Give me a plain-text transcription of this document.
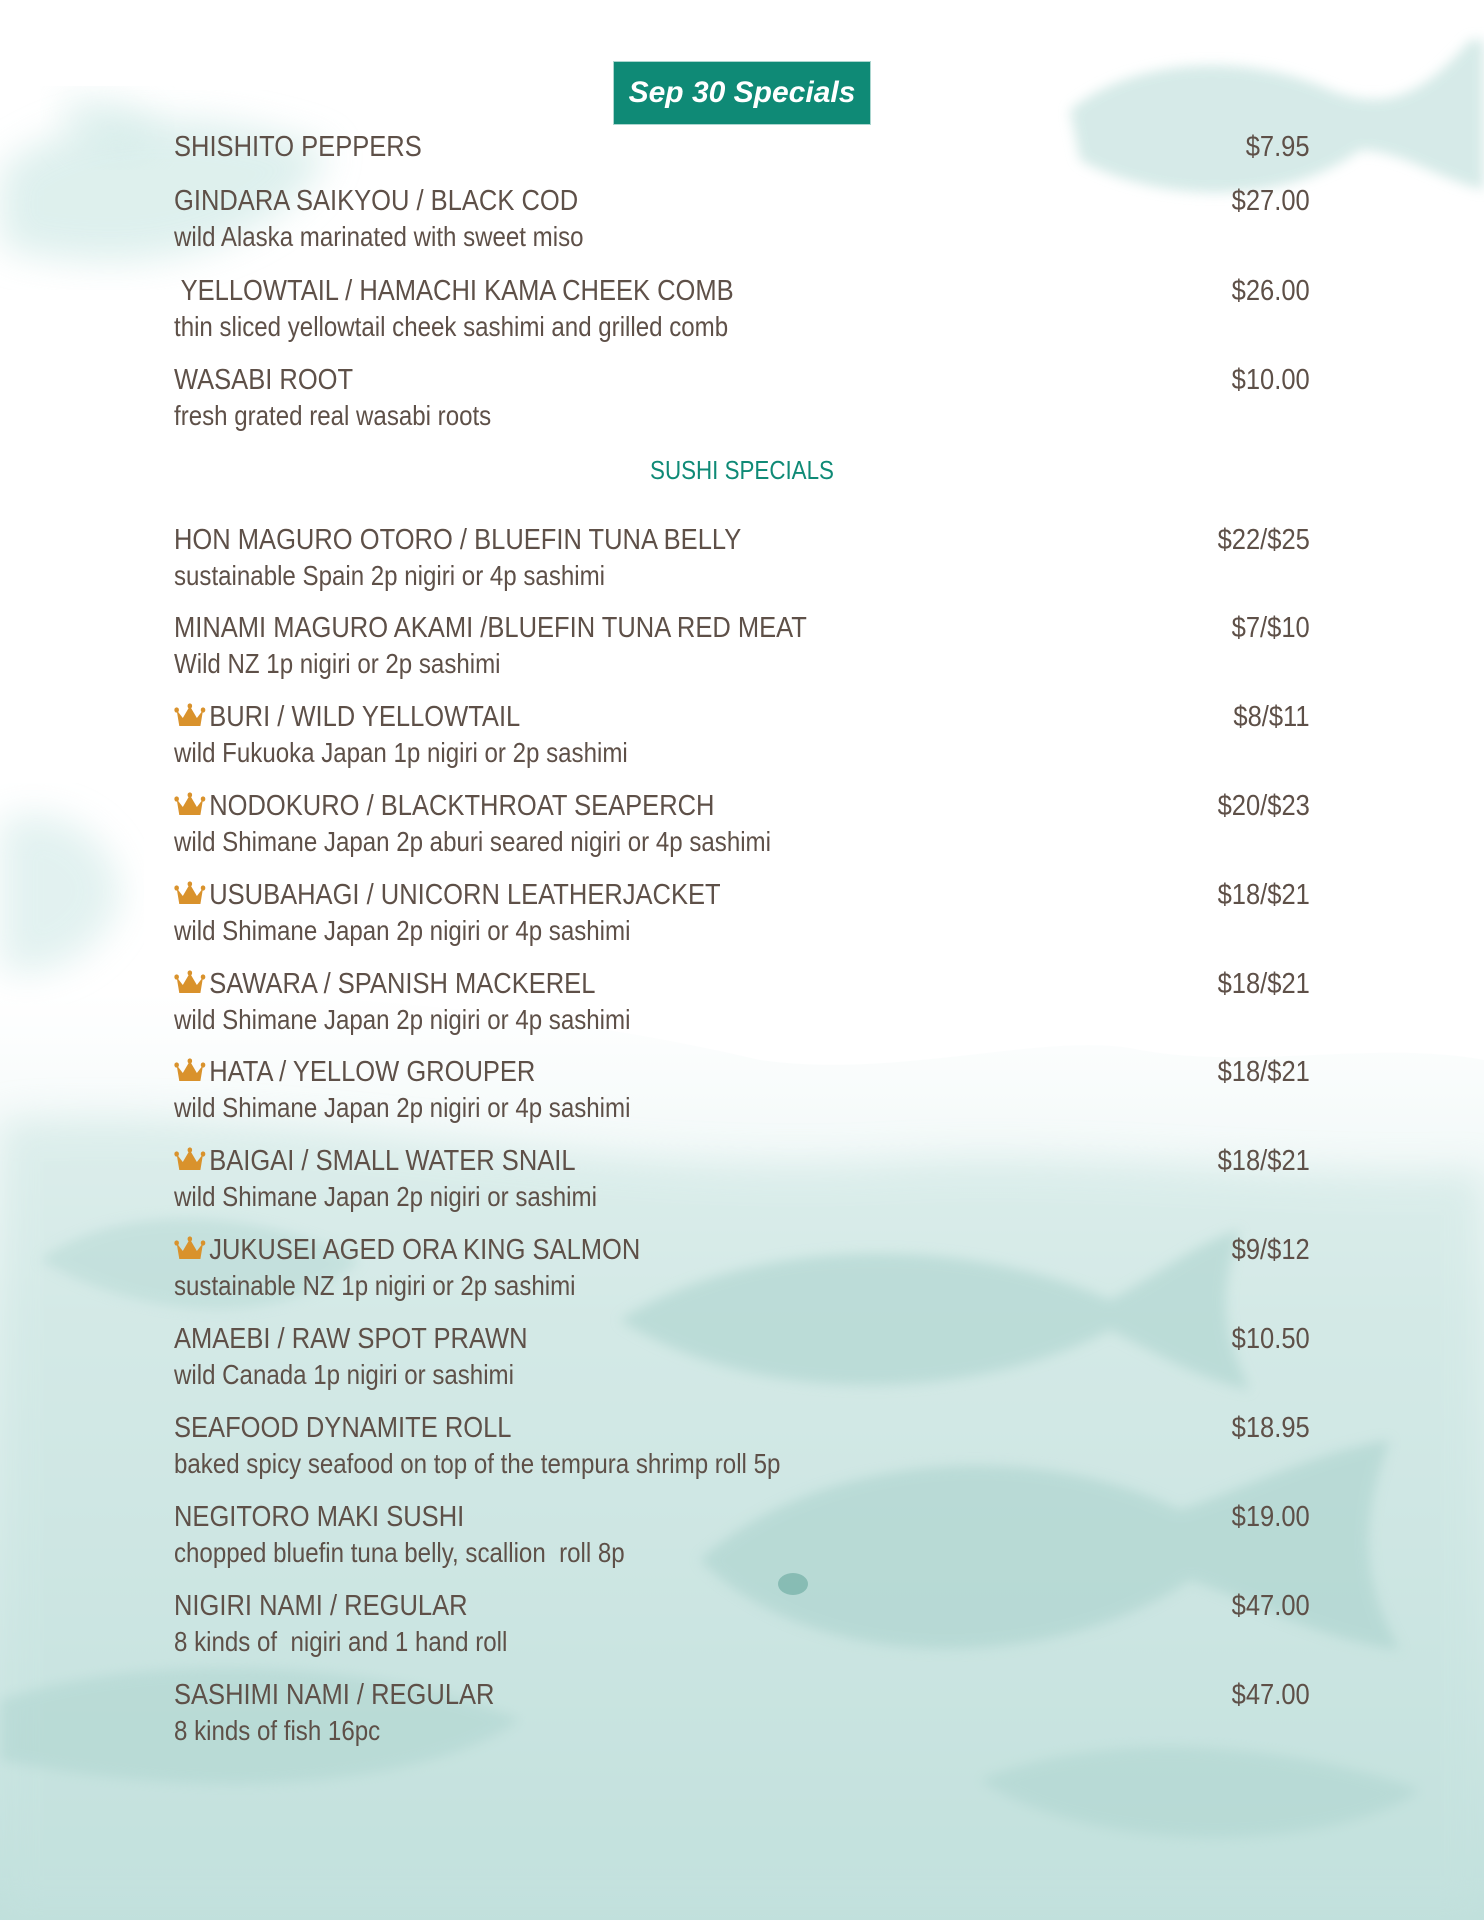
Sep 30 Specials
SUSHI SPECIALS
SHISHITO PEPPERS	$7.95
GINDARA SAIKYOU / BLACK COD	$27.00
wild Alaska marinated with sweet miso
YELLOWTAIL / HAMACHI KAMA CHEEK COMB	$26.00
thin sliced yellowtail cheek sashimi and grilled comb
WASABI ROOT	$10.00
fresh grated real wasabi roots
HON MAGURO OTORO / BLUEFIN TUNA BELLY	$22/$25
sustainable Spain 2p nigiri or 4p sashimi
MINAMI MAGURO AKAMI /BLUEFIN TUNA RED MEAT	$7/$10
Wild NZ 1p nigiri or 2p sashimi
BURI / WILD YELLOWTAIL	$8/$11
wild Fukuoka Japan 1p nigiri or 2p sashimi
NODOKURO / BLACKTHROAT SEAPERCH	$20/$23
wild Shimane Japan 2p aburi seared nigiri or 4p sashimi
USUBAHAGI / UNICORN LEATHERJACKET	$18/$21
wild Shimane Japan 2p nigiri or 4p sashimi
SAWARA / SPANISH MACKEREL	$18/$21
wild Shimane Japan 2p nigiri or 4p sashimi
HATA / YELLOW GROUPER	$18/$21
wild Shimane Japan 2p nigiri or 4p sashimi
BAIGAI / SMALL WATER SNAIL	$18/$21
wild Shimane Japan 2p nigiri or sashimi
JUKUSEI AGED ORA KING SALMON	$9/$12
sustainable NZ 1p nigiri or 2p sashimi
AMAEBI / RAW SPOT PRAWN	$10.50
wild Canada 1p nigiri or sashimi
SEAFOOD DYNAMITE ROLL	$18.95
baked spicy seafood on top of the tempura shrimp roll 5p
NEGITORO MAKI SUSHI	$19.00
chopped bluefin tuna belly, scallion  roll 8p
NIGIRI NAMI / REGULAR	$47.00
8 kinds of  nigiri and 1 hand roll
SASHIMI NAMI / REGULAR	$47.00
8 kinds of fish 16pc
